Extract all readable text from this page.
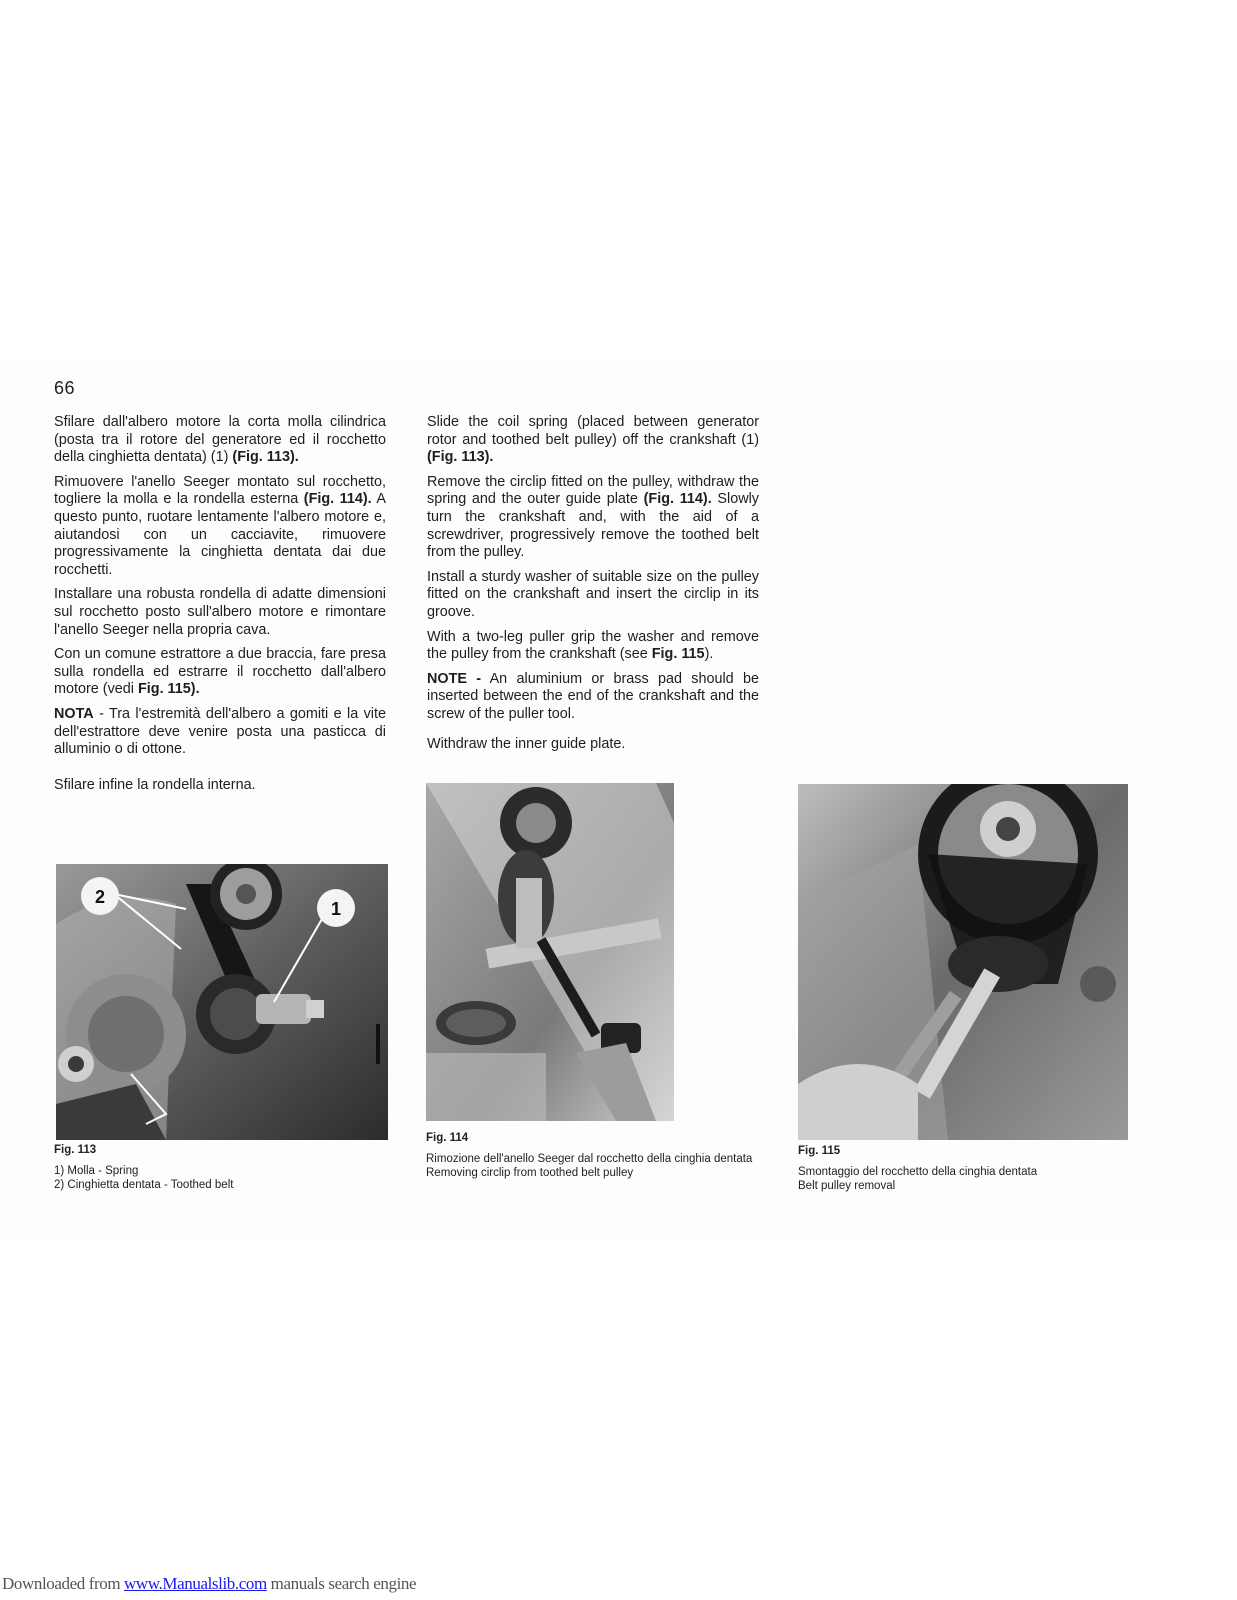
66

Sfilare dall'albero motore la corta molla cilindrica (posta tra il rotore del generatore ed il rocchetto della cinghietta dentata) (1) (Fig. 113).

Rimuovere l'anello Seeger montato sul rocchetto, togliere la molla e la rondella esterna (Fig. 114). A questo punto, ruotare lentamente l'albero motore e, aiutandosi con un cacciavite, rimuovere progressivamente la cinghietta dentata dai due rocchetti.

Installare una robusta rondella di adatte dimensioni sul rocchetto posto sull'albero motore e rimontare l'anello Seeger nella propria cava.

Con un comune estrattore a due braccia, fare presa sulla rondella ed estrarre il rocchetto dall'albero motore (vedi Fig. 115).

NOTA - Tra l'estremità dell'albero a gomiti e la vite dell'estrattore deve venire posta una pasticca di alluminio o di ottone.

Sfilare infine la rondella interna.

Slide the coil spring (placed between generator rotor and toothed belt pulley) off the crankshaft (1) (Fig. 113).

Remove the circlip fitted on the pulley, withdraw the spring and the outer guide plate (Fig. 114). Slowly turn the crankshaft and, with the aid of a screwdriver, progressively remove the toothed belt from the pulley.

Install a sturdy washer of suitable size on the pulley fitted on the crankshaft and insert the circlip in its groove.

With a two-leg puller grip the washer and remove the pulley from the crankshaft (see Fig. 115).

NOTE - An aluminium or brass pad should be inserted between the end of the crankshaft and the screw of the puller tool.

Withdraw the inner guide plate.

2
1
Fig. 113
1) Molla - Spring
2) Cinghietta dentata - Toothed belt
Fig. 114
Rimozione dell'anello Seeger dal rocchetto della cinghia dentata
Removing circlip from toothed belt pulley
Fig. 115
Smontaggio del rocchetto della cinghia dentata
Belt pulley removal
Downloaded from www.Manualslib.com manuals search engine
